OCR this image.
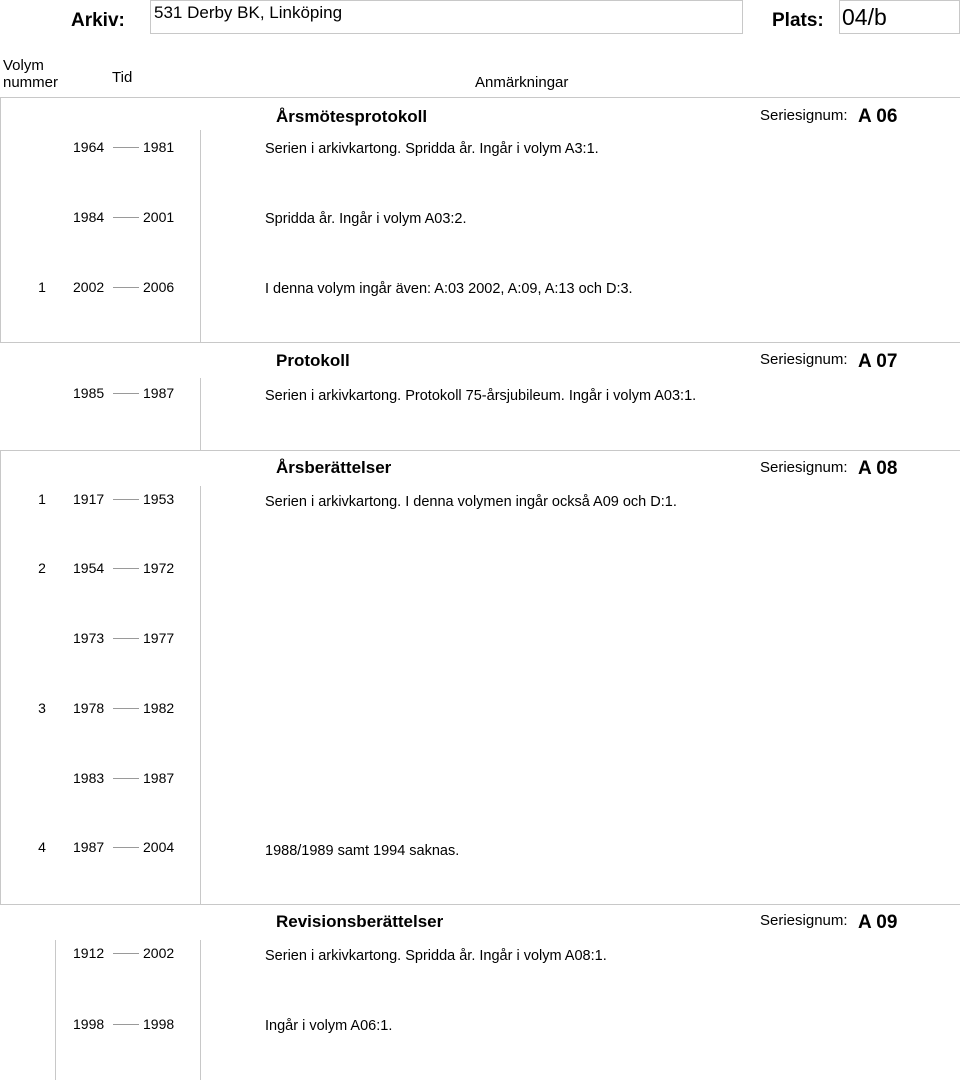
Arkiv: 531 Derby BK, Linköping	Plats: 04/b
Volym
nummer	Tid	Anmärkningar
Årsmötesprotokoll	Seriesignum: A 06
1964	1981	Serien i arkivkartong. Spridda år. Ingår i volym A3:1.
1984	2001	Spridda år. Ingår i volym A03:2.
1 2002	2006	I denna volym ingår även: A:03 2002, A:09, A:13 och D:3.
Protokoll	Seriesignum: A 07
1985	1987	Serien i arkivkartong. Protokoll 75-årsjubileum. Ingår i volym A03:1.
Årsberättelser	Seriesignum: A 08
1 1917	1953	Serien i arkivkartong. I denna volymen ingår också A09 och D:1.
2 1954	1972
1973	1977
3 1978	1982
1983	1987
4 1987	2004	1988/1989 samt 1994 saknas.
Revisionsberättelser	Seriesignum: A 09
1912	2002	Serien i arkivkartong. Spridda år. Ingår i volym A08:1.
1998	1998	Ingår i volym A06:1.
